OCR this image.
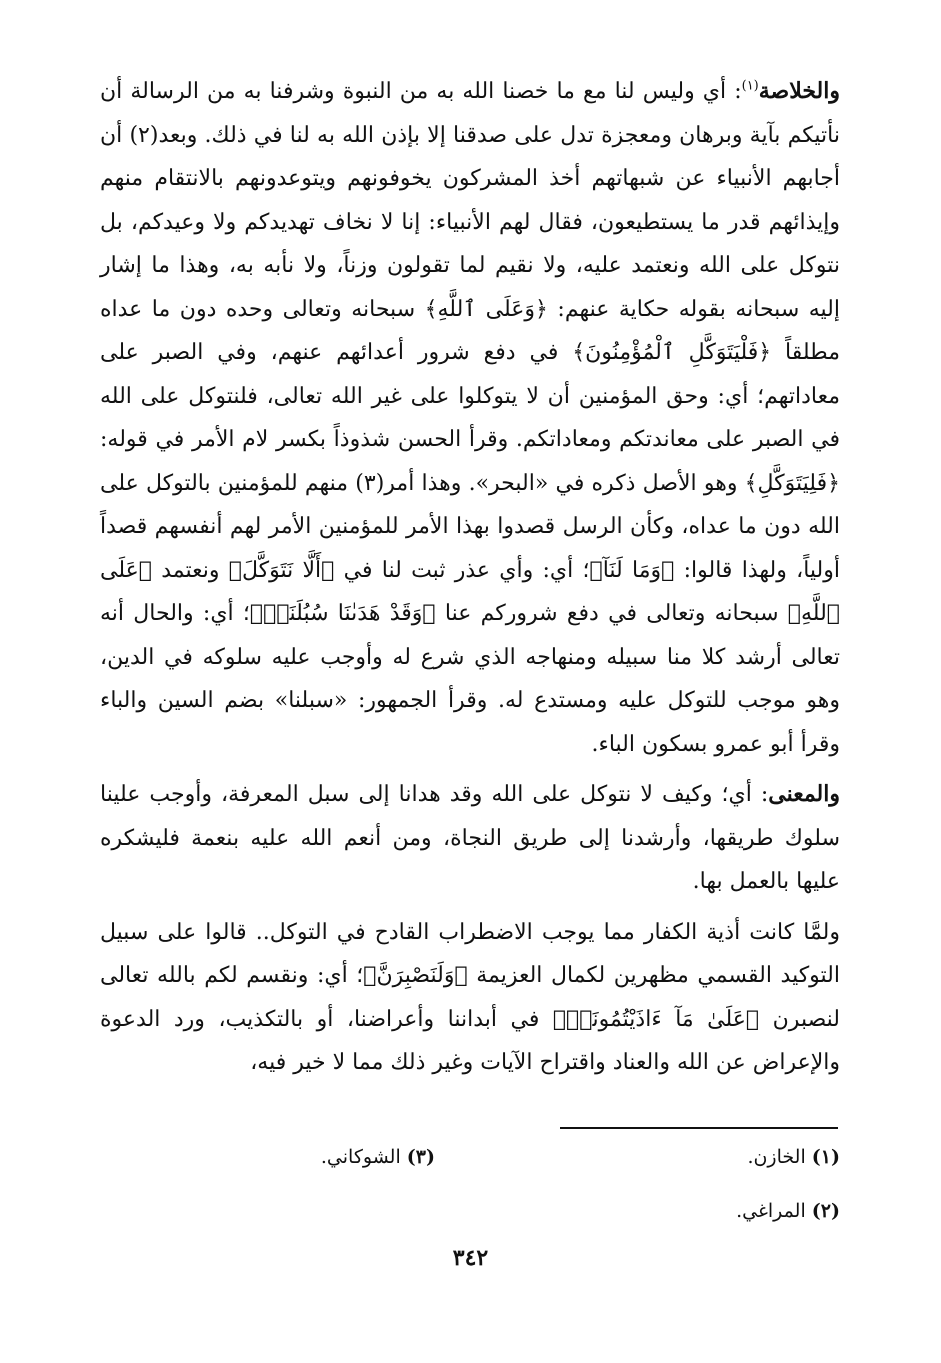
والخلاصة$^{(١)}$: أي وليس لنا مع ما خصنا الله به من النبوة وشرفنا به من الرسالة أن نأتيكم بآية وبرهان ومعجزة تدل على صدقنا إلا بإذن الله به لنا في ذلك. وبعد(٢) أن أجابهم الأنبياء عن شبهاتهم أخذ المشركون يخوفونهم ويتوعدونهم بالانتقام منهم وإيذائهم قدر ما يستطيعون، فقال لهم الأنبياء: إنا لا نخاف تهديدكم ولا وعيدكم، بل نتوكل على الله ونعتمد عليه، ولا نقيم لما تقولون وزناً، ولا نأبه به، وهذا ما إشار إليه سبحانه بقوله حكاية عنهم: ﴿وَعَلَى ٱللَّهِ﴾ سبحانه وتعالى وحده دون ما عداه مطلقاً ﴿فَلْيَتَوَكَّلِ ٱلْمُؤْمِنُونَ﴾ في دفع شرور أعدائهم عنهم، وفي الصبر على معاداتهم؛ أي: وحق المؤمنين أن لا يتوكلوا على غير الله تعالى، فلنتوكل على الله في الصبر على معاندتكم ومعاداتكم. وقرأ الحسن شذوذاً بكسر لام الأمر في قوله: ﴿فَلِيَتَوَكَّلِ﴾ وهو الأصل ذكره في «البحر». وهذا أمر(٣) منهم للمؤمنين بالتوكل على الله دون ما عداه، وكأن الرسل قصدوا بهذا الأمر للمؤمنين الأمر لهم أنفسهم قصداً أولياً، ولهذا قالوا: ﴿وَمَا لَنَآ﴾؛ أي: وأي عذر ثبت لنا في ﴿أَلَّا نَتَوَكَّلَ﴾ ونعتمد ﴿عَلَى ٱللَّهِ﴾ سبحانه وتعالى في دفع شروركم عنا ﴿وَقَدْ هَدَىٰنَا سُبُلَنَاۚ﴾؛ أي: والحال أنه تعالى أرشد كلا منا سبيله ومنهاجه الذي شرع له وأوجب عليه سلوكه في الدين، وهو موجب للتوكل عليه ومستدع له. وقرأ الجمهور: «سبلنا» بضم السين والباء وقرأ أبو عمرو بسكون الباء.

والمعنى: أي؛ وكيف لا نتوكل على الله وقد هدانا إلى سبل المعرفة، وأوجب علينا سلوك طريقها، وأرشدنا إلى طريق النجاة، ومن أنعم الله عليه بنعمة فليشكره عليها بالعمل بها.

ولمَّا كانت أذية الكفار مما يوجب الاضطراب القادح في التوكل.. قالوا على سبيل التوكيد القسمي مظهرين لكمال العزيمة ﴿وَلَنَصْبِرَنَّ﴾؛ أي: ونقسم لكم بالله تعالى لنصبرن ﴿عَلَىٰ مَآ ءَاذَيْتُمُونَاۚ﴾ في أبداننا وأعراضنا، أو بالتكذيب، ورد الدعوة والإعراض عن الله والعناد واقتراح الآيات وغير ذلك مما لا خير فيه،

(١) الخازن.
(٣) الشوكاني.
(٢) المراغي.
٣٤٢
